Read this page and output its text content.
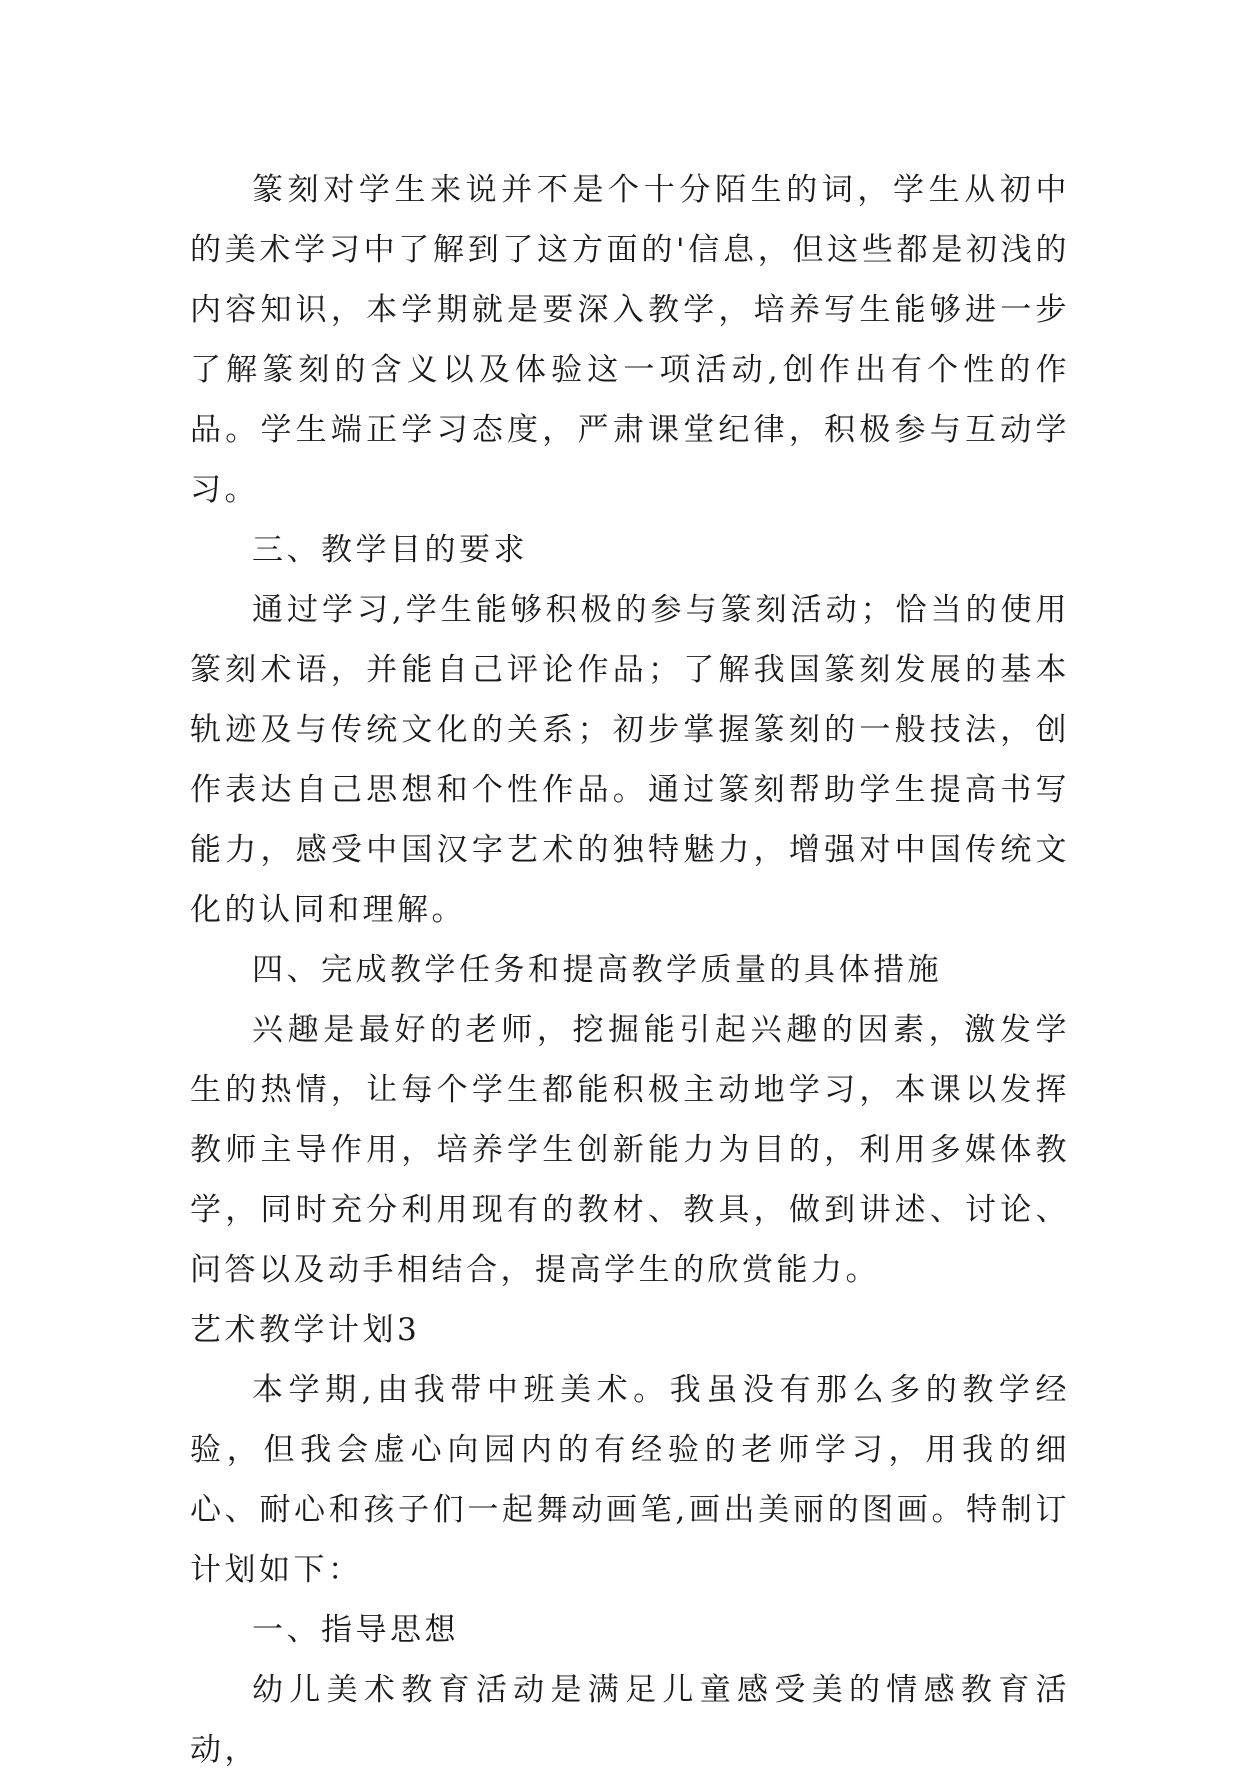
篆刻对学生来说并不是个十分陌生的词，学生从初中的美术学习中了解到了这方面的'信息，但这些都是初浅的内容知识，本学期就是要深入教学，培养写生能够进一步了解篆刻的含义以及体验这一项活动,创作出有个性的作品。学生端正学习态度，严肃课堂纪律，积极参与互动学习。

三、教学目的要求

通过学习,学生能够积极的参与篆刻活动；恰当的使用篆刻术语，并能自己评论作品；了解我国篆刻发展的基本轨迹及与传统文化的关系；初步掌握篆刻的一般技法，创作表达自己思想和个性作品。通过篆刻帮助学生提高书写能力，感受中国汉字艺术的独特魅力，增强对中国传统文化的认同和理解。

四、完成教学任务和提高教学质量的具体措施

兴趣是最好的老师，挖掘能引起兴趣的因素，激发学生的热情，让每个学生都能积极主动地学习，本课以发挥教师主导作用，培养学生创新能力为目的，利用多媒体教学，同时充分利用现有的教材、教具，做到讲述、讨论、问答以及动手相结合，提高学生的欣赏能力。

艺术教学计划3

本学期,由我带中班美术。我虽没有那么多的教学经验，但我会虚心向园内的有经验的老师学习，用我的细心、耐心和孩子们一起舞动画笔,画出美丽的图画。特制订计划如下：

一、指导思想

幼儿美术教育活动是满足儿童感受美的情感教育活动，
